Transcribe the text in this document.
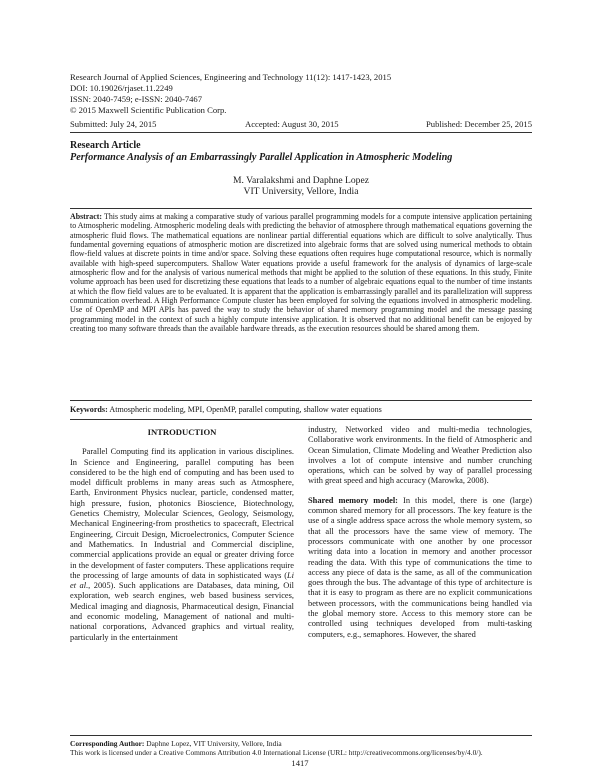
Research Journal of Applied Sciences, Engineering and Technology 11(12): 1417-1423, 2015
DOI: 10.19026/rjaset.11.2249
ISSN: 2040-7459; e-ISSN: 2040-7467
© 2015 Maxwell Scientific Publication Corp.
Submitted: July 24, 2015	Accepted: August 30, 2015	Published: December 25, 2015
Research Article
Performance Analysis of an Embarrassingly Parallel Application in Atmospheric Modeling
M. Varalakshmi and Daphne Lopez
VIT University, Vellore, India
Abstract: This study aims at making a comparative study of various parallel programming models for a compute intensive application pertaining to Atmospheric modeling. Atmospheric modeling deals with predicting the behavior of atmosphere through mathematical equations governing the atmospheric fluid flows. The mathematical equations are nonlinear partial differential equations which are difficult to solve analytically. Thus fundamental governing equations of atmospheric motion are discretized into algebraic forms that are solved using numerical methods to obtain flow-field values at discrete points in time and/or space. Solving these equations often requires huge computational resource, which is normally available with high-speed supercomputers. Shallow Water equations provide a useful framework for the analysis of dynamics of large-scale atmospheric flow and for the analysis of various numerical methods that might be applied to the solution of these equations. In this study, Finite volume approach has been used for discretizing these equations that leads to a number of algebraic equations equal to the number of time instants at which the flow field values are to be evaluated. It is apparent that the application is embarrassingly parallel and its parallelization will suppress communication overhead. A High Performance Compute cluster has been employed for solving the equations involved in atmospheric modeling. Use of OpenMP and MPI APIs has paved the way to study the behavior of shared memory programming model and the message passing programming model in the context of such a highly compute intensive application. It is observed that no additional benefit can be enjoyed by creating too many software threads than the available hardware threads, as the execution resources should be shared among them.
Keywords: Atmospheric modeling, MPI, OpenMP, parallel computing, shallow water equations
INTRODUCTION

Parallel Computing find its application in various disciplines. In Science and Engineering, parallel computing has been considered to be the high end of computing and has been used to model difficult problems in many areas such as Atmosphere, Earth, Environment Physics nuclear, particle, condensed matter, high pressure, fusion, photonics Bioscience, Biotechnology, Genetics Chemistry, Molecular Sciences, Geology, Seismology, Mechanical Engineering-from prosthetics to spacecraft, Electrical Engineering, Circuit Design, Microelectronics, Computer Science and Mathematics. In Industrial and Commercial discipline, commercial applications provide an equal or greater driving force in the development of faster computers. These applications require the processing of large amounts of data in sophisticated ways (Li et al., 2005). Such applications are Databases, data mining, Oil exploration, web search engines, web based business services, Medical imaging and diagnosis, Pharmaceutical design, Financial and economic modeling, Management of national and multi-national corporations, Advanced graphics and virtual reality, particularly in the entertainment

industry, Networked video and multi-media technologies, Collaborative work environments. In the field of Atmospheric and Ocean Simulation, Climate Modeling and Weather Prediction also involves a lot of compute intensive and number crunching operations, which can be solved by way of parallel processing with great speed and high accuracy (Marowka, 2008).

Shared memory model: In this model, there is one (large) common shared memory for all processors. The key feature is the use of a single address space across the whole memory system, so that all the processors have the same view of memory. The processors communicate with one another by one processor writing data into a location in memory and another processor reading the data. With this type of communications the time to access any piece of data is the same, as all of the communication goes through the bus. The advantage of this type of architecture is that it is easy to program as there are no explicit communications between processors, with the communications being handled via the global memory store. Access to this memory store can be controlled using techniques developed from multi-tasking computers, e.g., semaphores. However, the shared

Corresponding Author: Daphne Lopez, VIT University, Vellore, India
This work is licensed under a Creative Commons Attribution 4.0 International License (URL: http://creativecommons.org/licenses/by/4.0/).
1417
